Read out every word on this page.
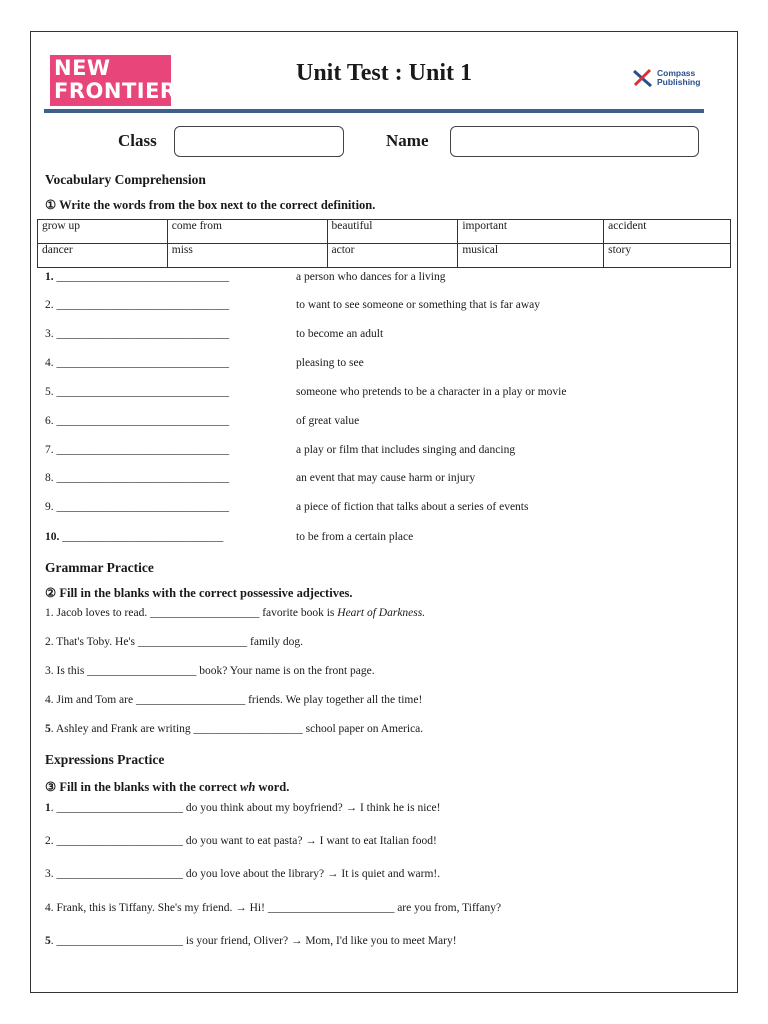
NEW
FRONTIERS
Unit Test : Unit 1	Compass
Publishing
Class	Name
Vocabulary Comprehension
① Write the words from the box next to the correct definition.
grow up	come from	beautiful	important	accident
dancer	miss	actor	musical	story
1. ______________________________	a person who dances for a living
2. ______________________________	to want to see someone or something that is far away
3. ______________________________	to become an adult
4. ______________________________	pleasing to see
5. ______________________________	someone who pretends to be a character in a play or movie
6. ______________________________	of great value
7. ______________________________	a play or film that includes singing and dancing
8. ______________________________	an event that may cause harm or injury
9. ______________________________	a piece of fiction that talks about a series of events
10. ____________________________	to be from a certain place
Grammar Practice
② Fill in the blanks with the correct possessive adjectives.
1. Jacob loves to read. ___________________ favorite book is Heart of Darkness.
2. That's Toby. He's ___________________ family dog.
3. Is this ___________________ book? Your name is on the front page.
4. Jim and Tom are ___________________ friends. We play together all the time!
5. Ashley and Frank are writing ___________________ school paper on America.
Expressions Practice
③ Fill in the blanks with the correct wh word.
1. ______________________ do you think about my boyfriend? → I think he is nice!
2. ______________________ do you want to eat pasta? → I want to eat Italian food!
3. ______________________ do you love about the library? → It is quiet and warm!.
4. Frank, this is Tiffany. She's my friend. → Hi! ______________________ are you from, Tiffany?
5. ______________________ is your friend, Oliver? → Mom, I'd like you to meet Mary!
